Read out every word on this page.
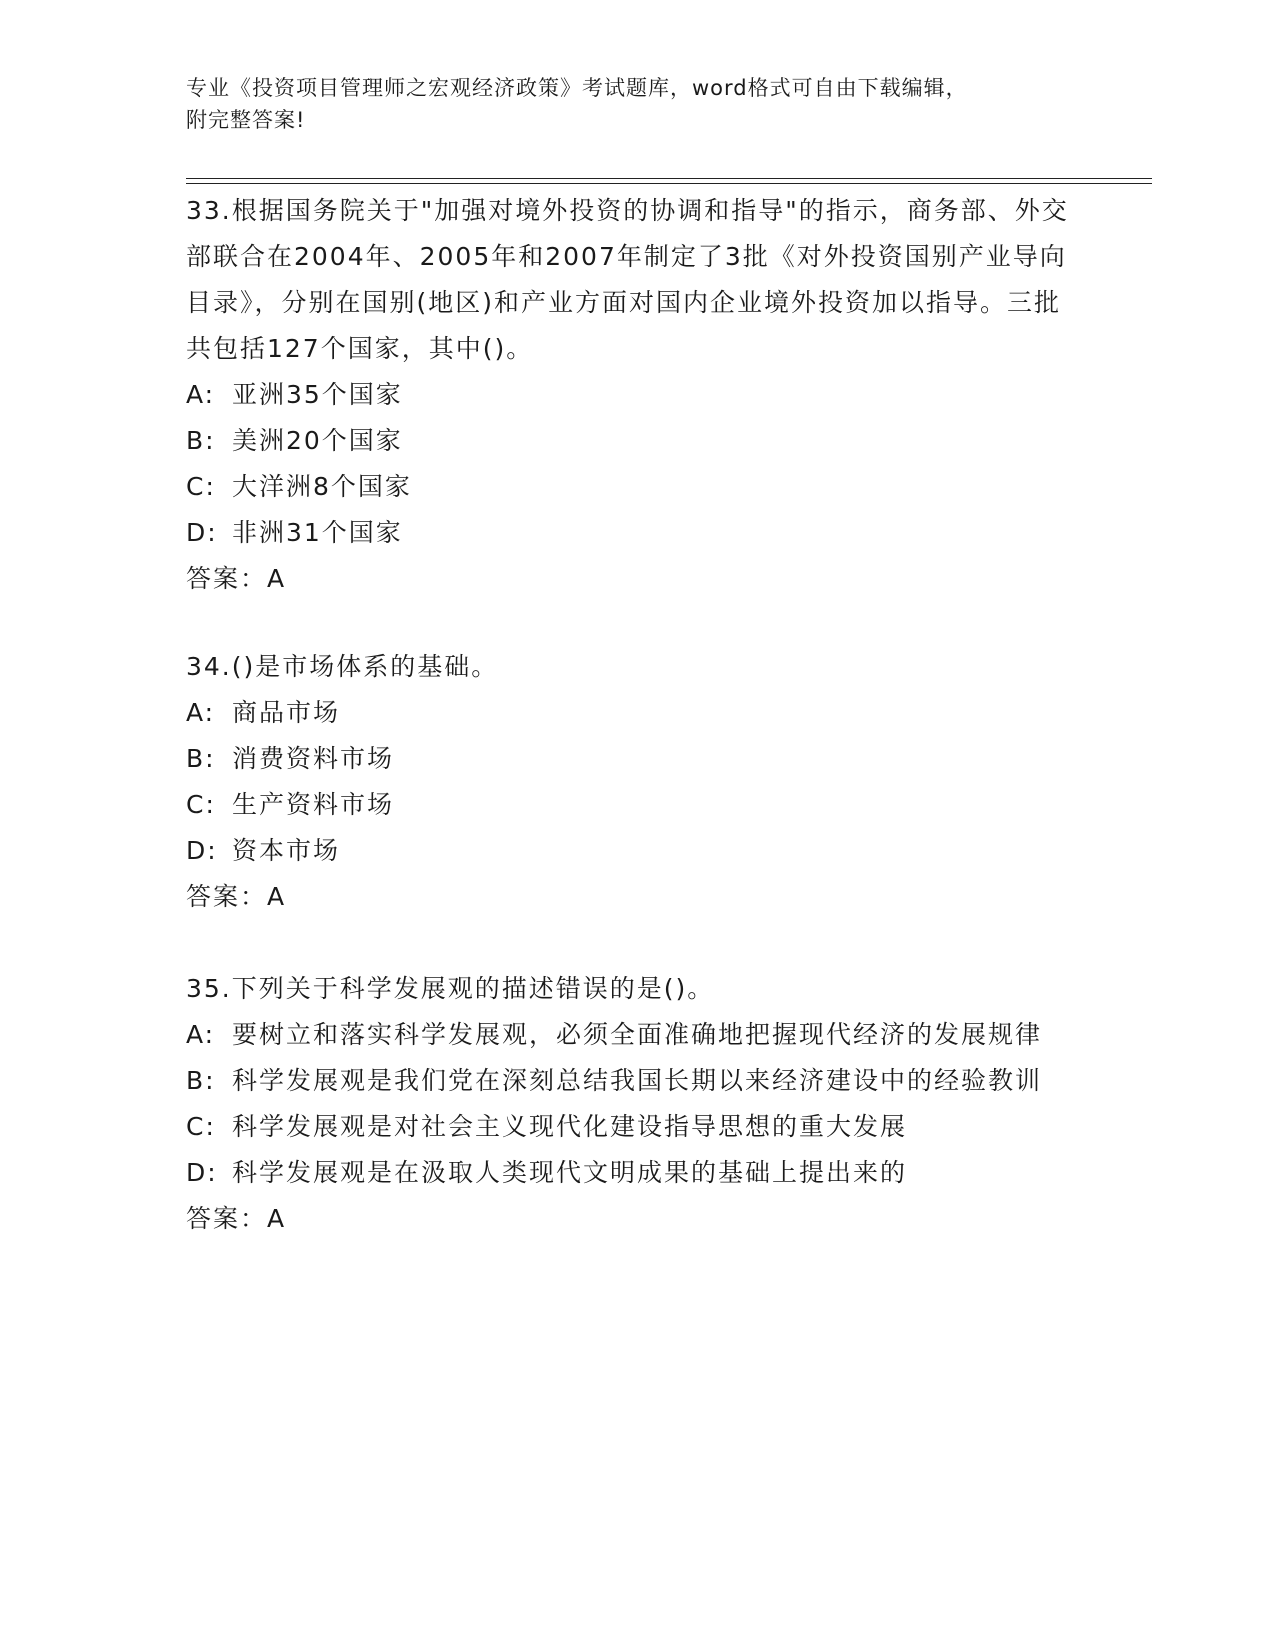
专业《投资项目管理师之宏观经济政策》考试题库，word格式可自由下载编辑，
附完整答案!

33.根据国务院关于"加强对境外投资的协调和指导"的指示，商务部、外交部联合在2004年、2005年和2007年制定了3批《对外投资国别产业导向目录》，分别在国别(地区)和产业方面对国内企业境外投资加以指导。三批共包括127个国家，其中()。

A: 亚洲35个国家
B: 美洲20个国家
C: 大洋洲8个国家
D: 非洲31个国家

答案：A

34.()是市场体系的基础。

A: 商品市场
B: 消费资料市场
C: 生产资料市场
D: 资本市场

答案：A

35.下列关于科学发展观的描述错误的是()。

A: 要树立和落实科学发展观，必须全面准确地把握现代经济的发展规律
B: 科学发展观是我们党在深刻总结我国长期以来经济建设中的经验教训
C: 科学发展观是对社会主义现代化建设指导思想的重大发展
D: 科学发展观是在汲取人类现代文明成果的基础上提出来的

答案：A
